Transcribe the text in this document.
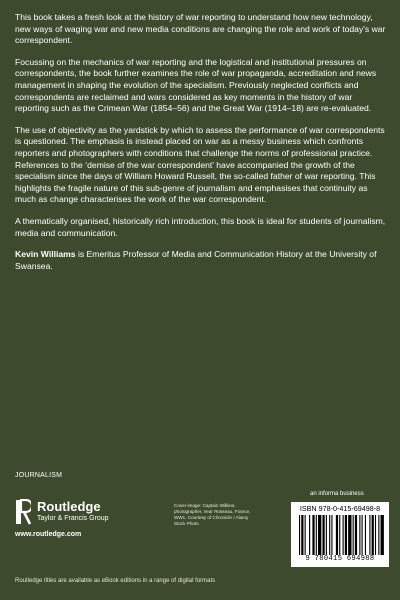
This book takes a fresh look at the history of war reporting to understand how new technology, new ways of waging war and new media conditions are changing the role and work of today's war correspondent.

Focussing on the mechanics of war reporting and the logistical and institutional pressures on correspondents, the book further examines the role of war propaganda, accreditation and news management in shaping the evolution of the specialism. Previously neglected conflicts and correspondents are reclaimed and wars considered as key moments in the history of war reporting such as the Crimean War (1854–56) and the Great War (1914–18) are re-evaluated.

The use of objectivity as the yardstick by which to assess the performance of war correspondents is questioned. The emphasis is instead placed on war as a messy business which confronts reporters and photographers with conditions that challenge the norms of professional practice. References to the ‘demise of the war correspondent’ have accompanied the growth of the specialism since the days of William Howard Russell, the so-called father of war reporting. This highlights the fragile nature of this sub-genre of journalism and emphasises that continuity as much as change characterises the work of the war correspondent.

A thematically organised, historically rich introduction, this book is ideal for students of journalism, media and communication.

Kevin Williams is Emeritus Professor of Media and Communication History at the University of Swansea.

JOURNALISM
Routledge
Taylor & Francis Group
www.routledge.com
Cover image: Captain Wilkins, photographer, near Rosseau, France, WW1. Courtesy of Chronicle / Alamy Stock Photo
an informa business
ISBN 978-0-415-69498-8
9 780415 694988
Routledge titles are available as eBook editions in a range of digital formats
